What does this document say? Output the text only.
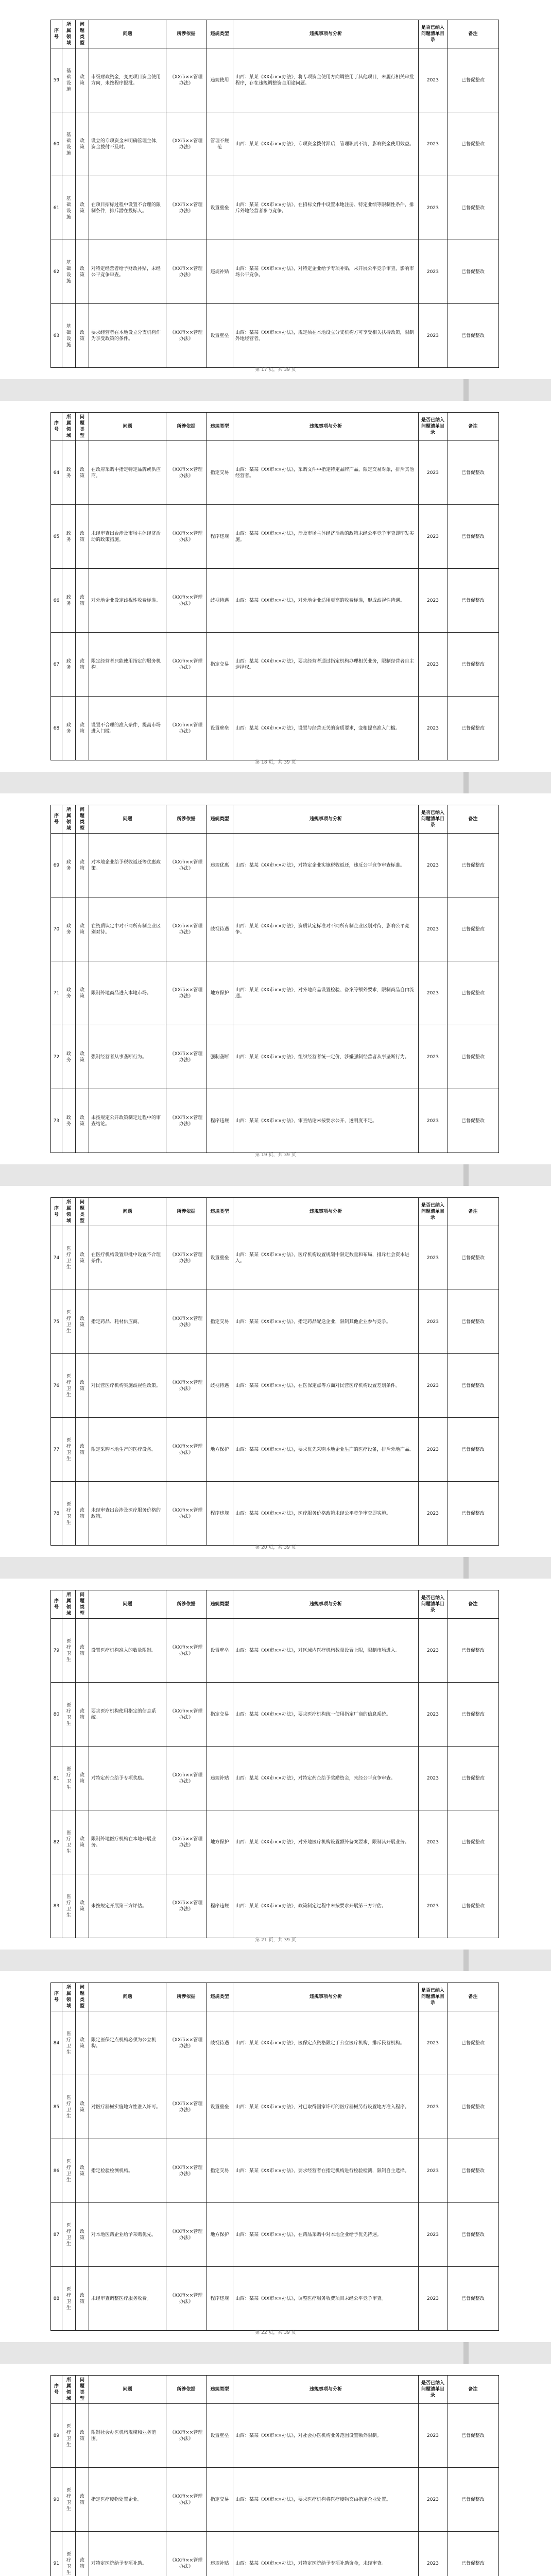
序号	所属领域	问题类型	问题	所涉依据	违规类型	违规事项与分析	是否已纳入问题清单目录	备注
59	基础设施	政策	市级财政资金，变更项目资金使用方向，未按程序报批。	《XX市××管理办法》	违规使用	山西：某某《XX市××办法》，将专项资金使用方向调整用于其他项目，未履行相关审批程序，存在违规调整资金用途问题。	2023	已督促整改
60	基础设施	政策	设立的专项资金未明确管理主体，资金拨付不及时。	《XX市××管理办法》	管理不规范	山西：某某《XX市××办法》，专项资金拨付滞后，管理职责不清，影响资金使用效益。	2023	已督促整改
61	基础设施	政策	在项目招标过程中设置不合理的限制条件，排斥潜在投标人。	《XX市××管理办法》	设置壁垒	山西：某某《XX市××办法》，在招标文件中设置本地注册、特定业绩等限制性条件，排斥外地经营者参与竞争。	2023	已督促整改
62	基础设施	政策	对特定经营者给予财政补贴，未经公平竞争审查。	《XX市××管理办法》	违规补贴	山西：某某《XX市××办法》，对特定企业给予专项补贴，未开展公平竞争审查，影响市场公平竞争。	2023	已督促整改
63	基础设施	政策	要求经营者在本地设立分支机构作为享受政策的条件。	《XX市××管理办法》	设置壁垒	山西：某某《XX市××办法》，规定须在本地设立分支机构方可享受相关扶持政策，限制外地经营者。	2023	已督促整改
第 17 页，共 39 页
序号	所属领域	问题类型	问题	所涉依据	违规类型	违规事项与分析	是否已纳入问题清单目录	备注
64	政务	政策	在政府采购中指定特定品牌或供应商。	《XX市××管理办法》	指定交易	山西：某某《XX市××办法》，采购文件中指定特定品牌产品，限定交易对象，排斥其他经营者。	2023	已督促整改
65	政务	政策	未经审查出台涉及市场主体经济活动的政策措施。	《XX市××管理办法》	程序违规	山西：某某《XX市××办法》，涉及市场主体经济活动的政策未经公平竞争审查即印发实施。	2023	已督促整改
66	政务	政策	对外地企业设定歧视性收费标准。	《XX市××管理办法》	歧视待遇	山西：某某《XX市××办法》，对外地企业适用更高的收费标准，形成歧视性待遇。	2023	已督促整改
67	政务	政策	限定经营者只能使用指定的服务机构。	《XX市××管理办法》	指定交易	山西：某某《XX市××办法》，要求经营者通过指定机构办理相关业务，限制经营者自主选择权。	2023	已督促整改
68	政务	政策	设置不合理的准入条件，提高市场进入门槛。	《XX市××管理办法》	设置壁垒	山西：某某《XX市××办法》，设置与经营无关的资质要求，变相提高准入门槛。	2023	已督促整改
第 18 页，共 39 页
序号	所属领域	问题类型	问题	所涉依据	违规类型	违规事项与分析	是否已纳入问题清单目录	备注
69	政务	政策	对本地企业给予税收返还等优惠政策。	《XX市××管理办法》	违规优惠	山西：某某《XX市××办法》，对特定企业实施税收返还，违反公平竞争审查标准。	2023	已督促整改
70	政务	政策	在资质认定中对不同所有制企业区别对待。	《XX市××管理办法》	歧视待遇	山西：某某《XX市××办法》，资质认定标准对不同所有制企业区别对待，影响公平竞争。	2023	已督促整改
71	政务	政策	限制外地商品进入本地市场。	《XX市××管理办法》	地方保护	山西：某某《XX市××办法》，对外地商品设置检验、备案等额外要求，限制商品自由流通。	2023	已督促整改
72	政务	政策	强制经营者从事垄断行为。	《XX市××管理办法》	强制垄断	山西：某某《XX市××办法》，组织经营者统一定价，涉嫌强制经营者从事垄断行为。	2023	已督促整改
73	政务	政策	未按规定公开政策制定过程中的审查结论。	《XX市××管理办法》	程序违规	山西：某某《XX市××办法》，审查结论未按要求公开，透明度不足。	2023	已督促整改
第 19 页，共 39 页
序号	所属领域	问题类型	问题	所涉依据	违规类型	违规事项与分析	是否已纳入问题清单目录	备注
74	医疗卫生	政策	在医疗机构设置审批中设置不合理条件。	《XX市××管理办法》	设置壁垒	山西：某某《XX市××办法》，医疗机构设置规划中限定数量和布局，排斥社会资本进入。	2023	已督促整改
75	医疗卫生	政策	指定药品、耗材供应商。	《XX市××管理办法》	指定交易	山西：某某《XX市××办法》，指定药品配送企业，限制其他企业参与竞争。	2023	已督促整改
76	医疗卫生	政策	对民营医疗机构实施歧视性政策。	《XX市××管理办法》	歧视待遇	山西：某某《XX市××办法》，在医保定点等方面对民营医疗机构设置差别条件。	2023	已督促整改
77	医疗卫生	政策	限定采购本地生产的医疗设备。	《XX市××管理办法》	地方保护	山西：某某《XX市××办法》，要求优先采购本地企业生产的医疗设备，排斥外地产品。	2023	已督促整改
78	医疗卫生	政策	未经审查出台涉及医疗服务价格的政策。	《XX市××管理办法》	程序违规	山西：某某《XX市××办法》，医疗服务价格政策未经公平竞争审查即实施。	2023	已督促整改
第 20 页，共 39 页
序号	所属领域	问题类型	问题	所涉依据	违规类型	违规事项与分析	是否已纳入问题清单目录	备注
79	医疗卫生	政策	设置医疗机构准入的数量限制。	《XX市××管理办法》	设置壁垒	山西：某某《XX市××办法》，对区域内医疗机构数量设置上限，限制市场进入。	2023	已督促整改
80	医疗卫生	政策	要求医疗机构使用指定的信息系统。	《XX市××管理办法》	指定交易	山西：某某《XX市××办法》，要求医疗机构统一使用指定厂商的信息系统。	2023	已督促整改
81	医疗卫生	政策	对特定药企给予专项奖励。	《XX市××管理办法》	违规补贴	山西：某某《XX市××办法》，对特定药企给予奖励资金，未经公平竞争审查。	2023	已督促整改
82	医疗卫生	政策	限制外地医疗机构在本地开展业务。	《XX市××管理办法》	地方保护	山西：某某《XX市××办法》，对外地医疗机构设置额外备案要求，限制其开展业务。	2023	已督促整改
83	医疗卫生	政策	未按规定开展第三方评估。	《XX市××管理办法》	程序违规	山西：某某《XX市××办法》，政策制定过程中未按要求开展第三方评估。	2023	已督促整改
第 21 页，共 39 页
序号	所属领域	问题类型	问题	所涉依据	违规类型	违规事项与分析	是否已纳入问题清单目录	备注
84	医疗卫生	政策	限定医保定点机构必须为公立机构。	《XX市××管理办法》	歧视待遇	山西：某某《XX市××办法》，医保定点资格限定于公立医疗机构，排斥民营机构。	2023	已督促整改
85	医疗卫生	政策	对医疗器械实施地方性准入许可。	《XX市××管理办法》	设置壁垒	山西：某某《XX市××办法》，对已取得国家许可的医疗器械另行设置地方准入程序。	2023	已督促整改
86	医疗卫生	政策	指定检验检测机构。	《XX市××管理办法》	指定交易	山西：某某《XX市××办法》，要求经营者在指定机构进行检验检测，限制自主选择。	2023	已督促整改
87	医疗卫生	政策	对本地医药企业给予采购优先。	《XX市××管理办法》	地方保护	山西：某某《XX市××办法》，在药品采购中对本地企业给予优先待遇。	2023	已督促整改
88	医疗卫生	政策	未经审查调整医疗服务收费。	《XX市××管理办法》	程序违规	山西：某某《XX市××办法》，调整医疗服务收费项目未经公平竞争审查。	2023	已督促整改
第 22 页，共 39 页
序号	所属领域	问题类型	问题	所涉依据	违规类型	违规事项与分析	是否已纳入问题清单目录	备注
89	医疗卫生	政策	限制社会办医机构规模和业务范围。	《XX市××管理办法》	设置壁垒	山西：某某《XX市××办法》，对社会办医机构业务范围设置额外限制。	2023	已督促整改
90	医疗卫生	政策	指定医疗废物处置企业。	《XX市××管理办法》	指定交易	山西：某某《XX市××办法》，要求医疗机构将医疗废物交由指定企业处置。	2023	已督促整改
91	医疗卫生	政策	对特定医院给予专项补助。	《XX市××管理办法》	违规补贴	山西：某某《XX市××办法》，对特定医院给予专项补助资金，未经审查。	2023	已督促整改
